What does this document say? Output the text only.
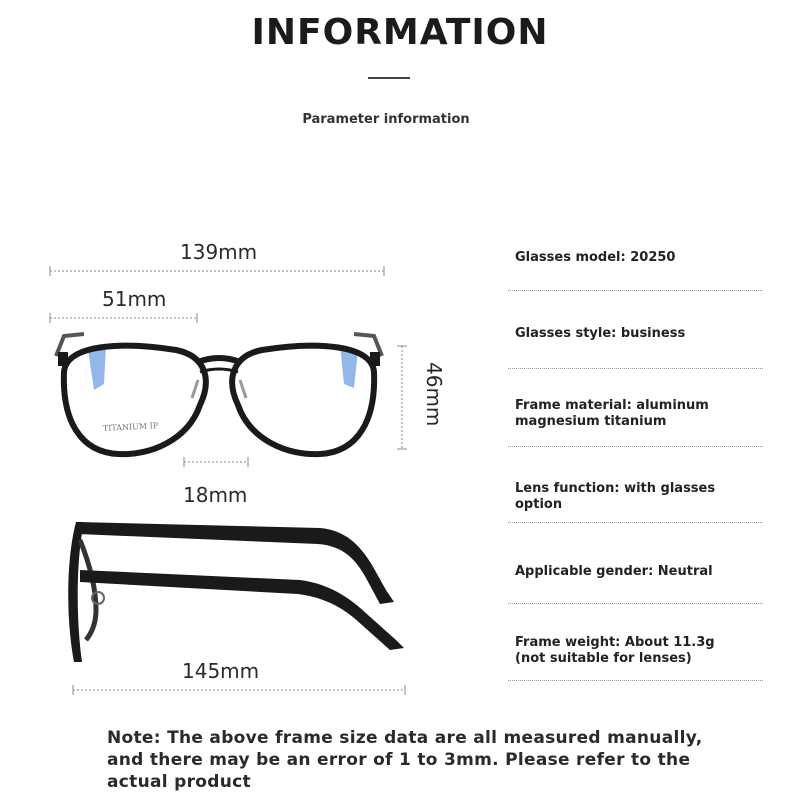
INFORMATION
Parameter information
TITANIUM IP
46mm
139mm
51mm
18mm
145mm
Glasses model: 20250
Glasses style: business
Frame material: aluminum magnesium titanium
Lens function: with glasses option
Applicable gender: Neutral
Frame weight: About 11.3g (not suitable for lenses)
Note: The above frame size data are all measured manually, and there may be an error of 1 to 3mm. Please refer to the actual product
